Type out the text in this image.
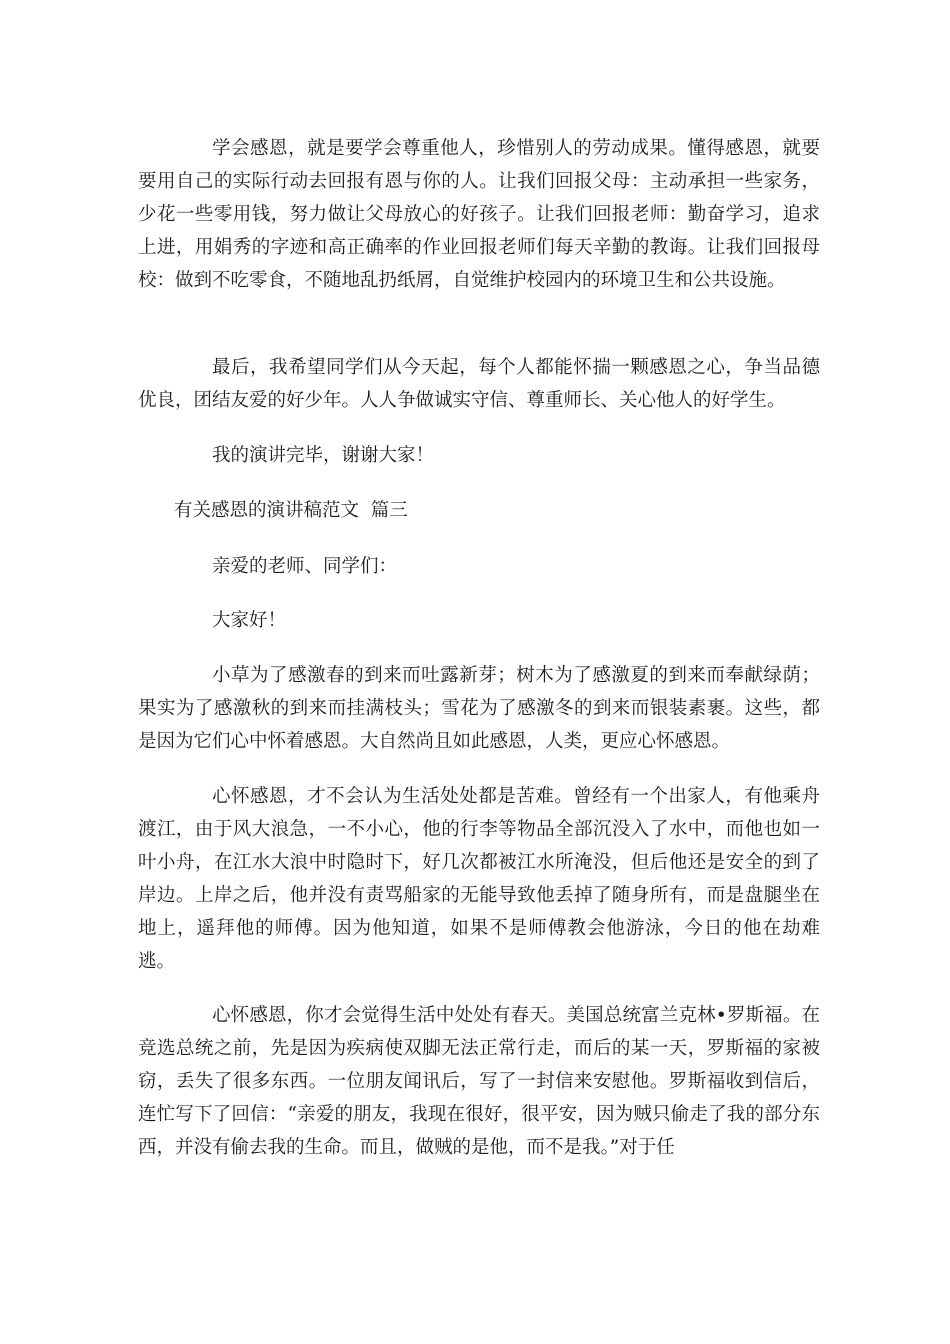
学会感恩，就是要学会尊重他人，珍惜别人的劳动成果。懂得感恩，就要要用自己的实际行动去回报有恩与你的人。让我们回报父母：主动承担一些家务，少花一些零用钱，努力做让父母放心的好孩子。让我们回报老师：勤奋学习，追求上进，用娟秀的字迹和高正确率的作业回报老师们每天辛勤的教诲。让我们回报母校：做到不吃零食，不随地乱扔纸屑，自觉维护校园内的环境卫生和公共设施。

最后，我希望同学们从今天起，每个人都能怀揣一颗感恩之心，争当品德优良，团结友爱的好少年。人人争做诚实守信、尊重师长、关心他人的好学生。

我的演讲完毕，谢谢大家！

有关感恩的演讲稿范文  篇三

亲爱的老师、同学们：

大家好！

小草为了感激春的到来而吐露新芽；树木为了感激夏的到来而奉献绿荫；果实为了感激秋的到来而挂满枝头；雪花为了感激冬的到来而银装素裹。这些，都是因为它们心中怀着感恩。大自然尚且如此感恩，人类，更应心怀感恩。

心怀感恩，才不会认为生活处处都是苦难。曾经有一个出家人，有他乘舟渡江，由于风大浪急，一不小心，他的行李等物品全部沉没入了水中，而他也如一叶小舟，在江水大浪中时隐时下，好几次都被江水所淹没，但后他还是安全的到了岸边。上岸之后，他并没有责骂船家的无能导致他丢掉了随身所有，而是盘腿坐在地上，遥拜他的师傅。因为他知道，如果不是师傅教会他游泳，今日的他在劫难逃。

心怀感恩，你才会觉得生活中处处有春天。美国总统富兰克林•罗斯福。在竞选总统之前，先是因为疾病使双脚无法正常行走，而后的某一天，罗斯福的家被窃，丢失了很多东西。一位朋友闻讯后，写了一封信来安慰他。罗斯福收到信后，连忙写下了回信：“亲爱的朋友，我现在很好，很平安，因为贼只偷走了我的部分东西，并没有偷去我的生命。而且，做贼的是他，而不是我。”对于任
